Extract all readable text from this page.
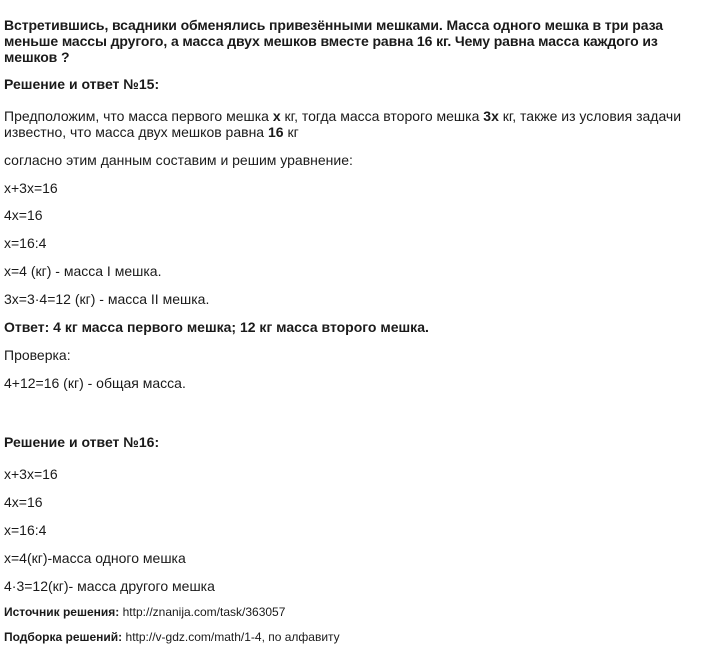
Встретившись, всадники обменялись привезёнными мешками. Масса одного мешка в три раза
меньше массы другого, а масса двух мешков вместе равна 16 кг. Чему равна масса каждого из
мешков ?
Решение и ответ №15:
Предположим, что масса первого мешка x кг, тогда масса второго мешка 3x кг, также из условия задачи
известно, что масса двух мешков равна 16 кг
согласно этим данным составим и решим уравнение:
x+3x=16
4x=16
x=16:4
x=4 (кг) - масса I мешка.
3x=3·4=12 (кг) - масса II мешка.
Ответ: 4 кг масса первого мешка; 12 кг масса второго мешка.
Проверка:
4+12=16 (кг) - общая масса.
Решение и ответ №16:
x+3x=16
4x=16
x=16:4
x=4(кг)-масса одного мешка
4·3=12(кг)- масса другого мешка
Источник решения: http://znanija.com/task/363057
Подборка решений: http://v-gdz.com/math/1-4, по алфавиту
